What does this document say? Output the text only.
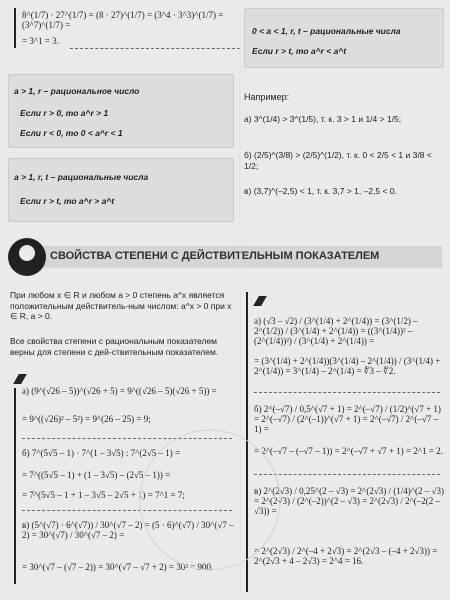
8^(1/7) · 27^(1/7) = (8 · 27)^(1/7) = (3^4 · 3^3)^(1/7) = (3^7)^(1/7) =
= 3^1 = 3.
0 < a < 1, r, t – рациональные числа
Если r > t, то a^r < a^t
a > 1, r – рациональное число
Если r > 0, то a^r > 1
Если r < 0, то 0 < a^r < 1
a > 1, r, t – рациональные числа
Если r > t, то a^r > a^t
Например:
а) 3^(1/4) > 3^(1/5), т. к. 3 > 1 и 1/4 > 1/5;
б) (2/5)^(3/8) > (2/5)^(1/2), т. к. 0 < 2/5 < 1 и 3/8 < 1/2;
в) (3,7)^(–2,5) < 1, т. к. 3,7 > 1, –2,5 < 0.
СВОЙСТВА СТЕПЕНИ С ДЕЙСТВИТЕЛЬНЫМ ПОКАЗАТЕЛЕМ
При любом x ∈ R и любом a > 0 степень a^x является положительным действитель-ным числом: a^x > 0 при x ∈ R, a > 0.
Все свойства степени с рациональным показателем верны для степени с дей-ствительным показателем.
а) (9^(√26 – 5))^(√26 + 5) = 9^((√26 – 5)(√26 + 5)) =
= 9^((√26)² – 5²) = 9^(26 – 25) = 9;
б) 7^(5√5 – 1) · 7^(1 – 3√5) : 7^(2√5 – 1) =
= 7^((5√5 – 1) + (1 – 3√5) – (2√5 – 1)) =
= 7^(5√5 – 1 + 1 – 3√5 – 2√5 + 1) = 7^1 = 7;
в) (5^(√7) · 6^(√7)) / 30^(√7 – 2) = (5 · 6)^(√7) / 30^(√7 – 2) = 30^(√7) / 30^(√7 – 2) =
= 30^(√7 – (√7 – 2)) = 30^(√7 – √7 + 2) = 30² = 900.
а) (√3 – √2) / (3^(1/4) + 2^(1/4)) = (3^(1/2) – 2^(1/2)) / (3^(1/4) + 2^(1/4)) = ((3^(1/4))² – (2^(1/4))²) / (3^(1/4) + 2^(1/4)) =
= (3^(1/4) + 2^(1/4))(3^(1/4) – 2^(1/4)) / (3^(1/4) + 2^(1/4)) = 3^(1/4) – 2^(1/4) = ∜3 – ∜2.
б) 2^(–√7) / 0,5^(√7 + 1) = 2^(–√7) / (1/2)^(√7 + 1) = 2^(–√7) / (2^(–1))^(√7 + 1) = 2^(–√7) / 2^(–√7 – 1) =
= 2^(–√7 – (–√7 – 1)) = 2^(–√7 + √7 + 1) = 2^1 = 2.
в) 2^(2√3) / 0,25^(2 – √3) = 2^(2√3) / (1/4)^(2 – √3) = 2^(2√3) / (2^(–2))^(2 – √3) = 2^(2√3) / 2^(–2(2 – √3)) =
= 2^(2√3) / 2^(–4 + 2√3) = 2^(2√3 – (–4 + 2√3)) = 2^(2√3 + 4 – 2√3) = 2^4 = 16.
